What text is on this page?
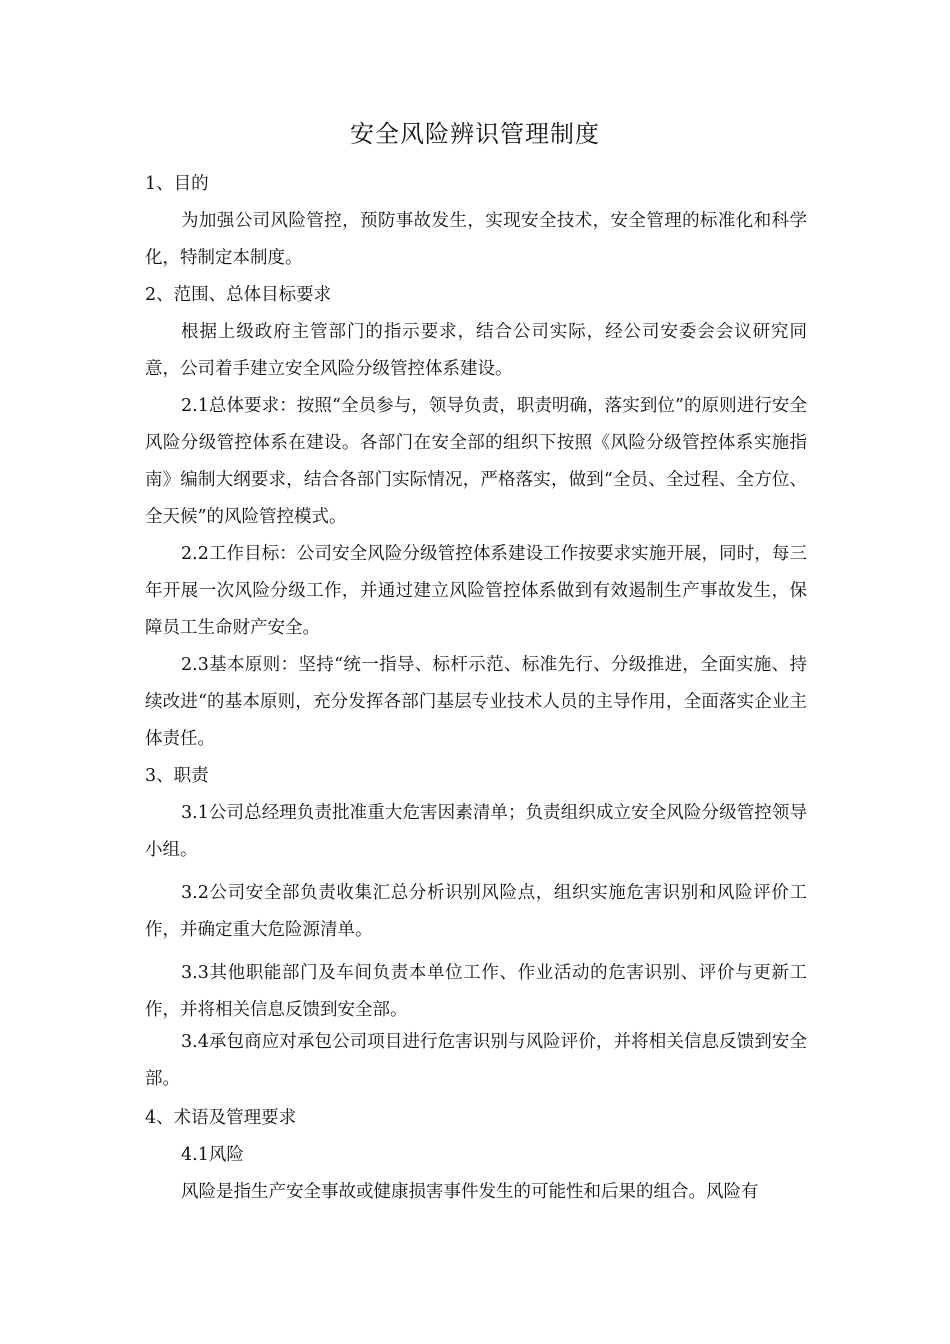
安全风险辨识管理制度

1、目的

为加强公司风险管控，预防事故发生，实现安全技术，安全管理的标准化和科学化，特制定本制度。

2、范围、总体目标要求

根据上级政府主管部门的指示要求，结合公司实际，经公司安委会会议研究同意，公司着手建立安全风险分级管控体系建设。

2.1总体要求：按照“全员参与，领导负责，职责明确，落实到位”的原则进行安全风险分级管控体系在建设。各部门在安全部的组织下按照《风险分级管控体系实施指南》编制大纲要求，结合各部门实际情况，严格落实，做到“全员、全过程、全方位、全天候”的风险管控模式。

2.2工作目标：公司安全风险分级管控体系建设工作按要求实施开展，同时，每三年开展一次风险分级工作，并通过建立风险管控体系做到有效遏制生产事故发生，保障员工生命财产安全。

2.3基本原则：坚持“统一指导、标杆示范、标准先行、分级推进，全面实施、持续改进“的基本原则，充分发挥各部门基层专业技术人员的主导作用，全面落实企业主体责任。

3、职责

3.1公司总经理负责批准重大危害因素清单；负责组织成立安全风险分级管控领导小组。

3.2公司安全部负责收集汇总分析识别风险点，组织实施危害识别和风险评价工作，并确定重大危险源清单。

3.3其他职能部门及车间负责本单位工作、作业活动的危害识别、评价与更新工作，并将相关信息反馈到安全部。

3.4承包商应对承包公司项目进行危害识别与风险评价，并将相关信息反馈到安全部。

4、术语及管理要求

4.1风险

风险是指生产安全事故或健康损害事件发生的可能性和后果的组合。风险有
